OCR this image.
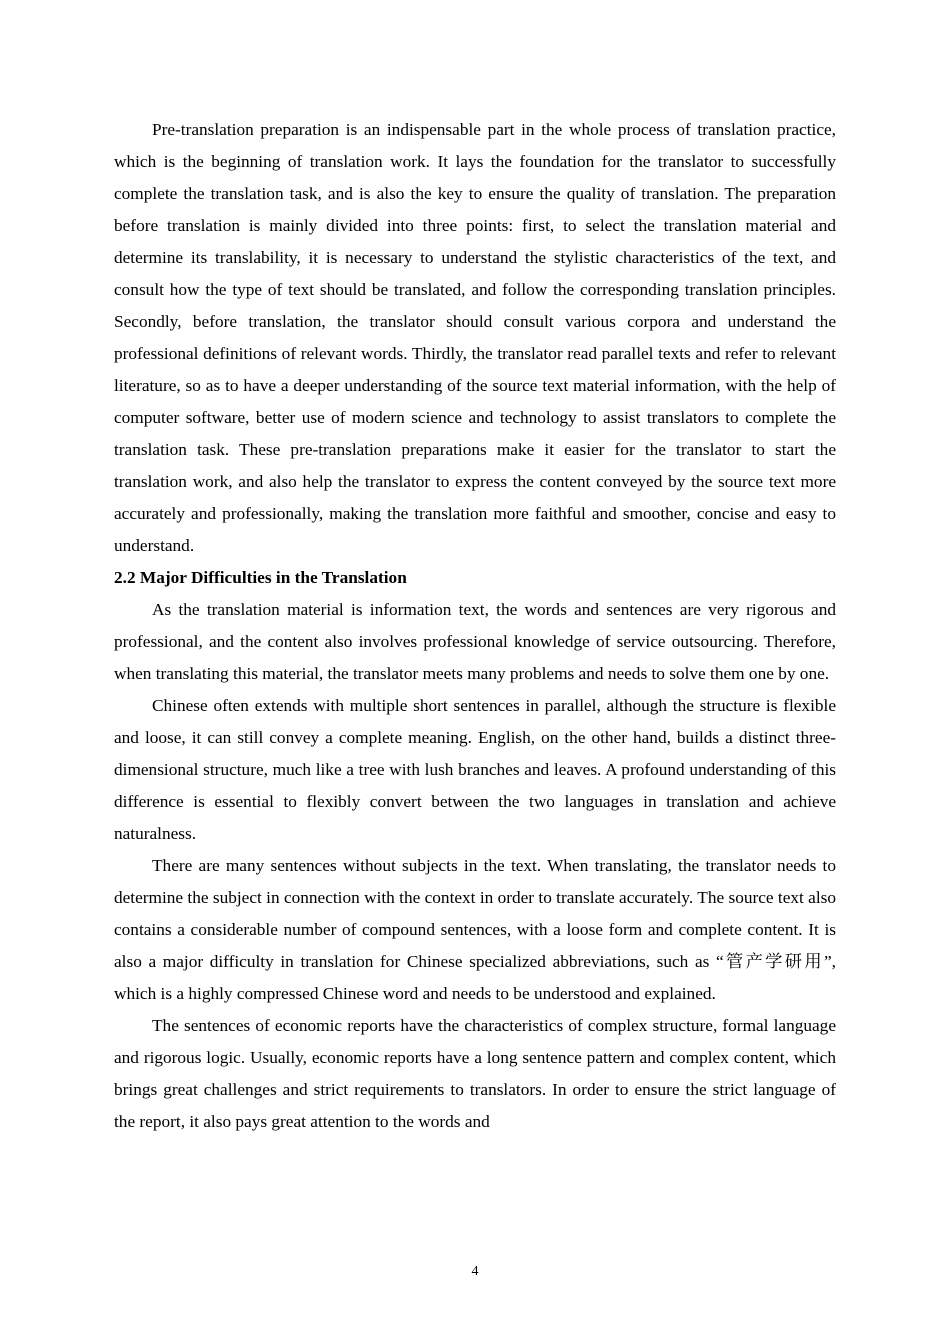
Pre-translation preparation is an indispensable part in the whole process of translation practice, which is the beginning of translation work. It lays the foundation for the translator to successfully complete the translation task, and is also the key to ensure the quality of translation. The preparation before translation is mainly divided into three points: first, to select the translation material and determine its translability, it is necessary to understand the stylistic characteristics of the text, and consult how the type of text should be translated, and follow the corresponding translation principles. Secondly, before translation, the translator should consult various corpora and understand the professional definitions of relevant words. Thirdly, the translator read parallel texts and refer to relevant literature, so as to have a deeper understanding of the source text material information, with the help of computer software, better use of modern science and technology to assist translators to complete the translation task. These pre-translation preparations make it easier for the translator to start the translation work, and also help the translator to express the content conveyed by the source text more accurately and professionally, making the translation more faithful and smoother, concise and easy to understand.

2.2 Major Difficulties in the Translation

As the translation material is information text, the words and sentences are very rigorous and professional, and the content also involves professional knowledge of service outsourcing. Therefore, when translating this material, the translator meets many problems and needs to solve them one by one.

Chinese often extends with multiple short sentences in parallel, although the structure is flexible and loose, it can still convey a complete meaning. English, on the other hand, builds a distinct three-dimensional structure, much like a tree with lush branches and leaves. A profound understanding of this difference is essential to flexibly convert between the two languages in translation and achieve naturalness.

There are many sentences without subjects in the text. When translating, the translator needs to determine the subject in connection with the context in order to translate accurately. The source text also contains a considerable number of compound sentences, with a loose form and complete content. It is also a major difficulty in translation for Chinese specialized abbreviations, such as “管产学研用”, which is a highly compressed Chinese word and needs to be understood and explained.

The sentences of economic reports have the characteristics of complex structure, formal language and rigorous logic. Usually, economic reports have a long sentence pattern and complex content, which brings great challenges and strict requirements to translators. In order to ensure the strict language of the report, it also pays great attention to the words and

4
